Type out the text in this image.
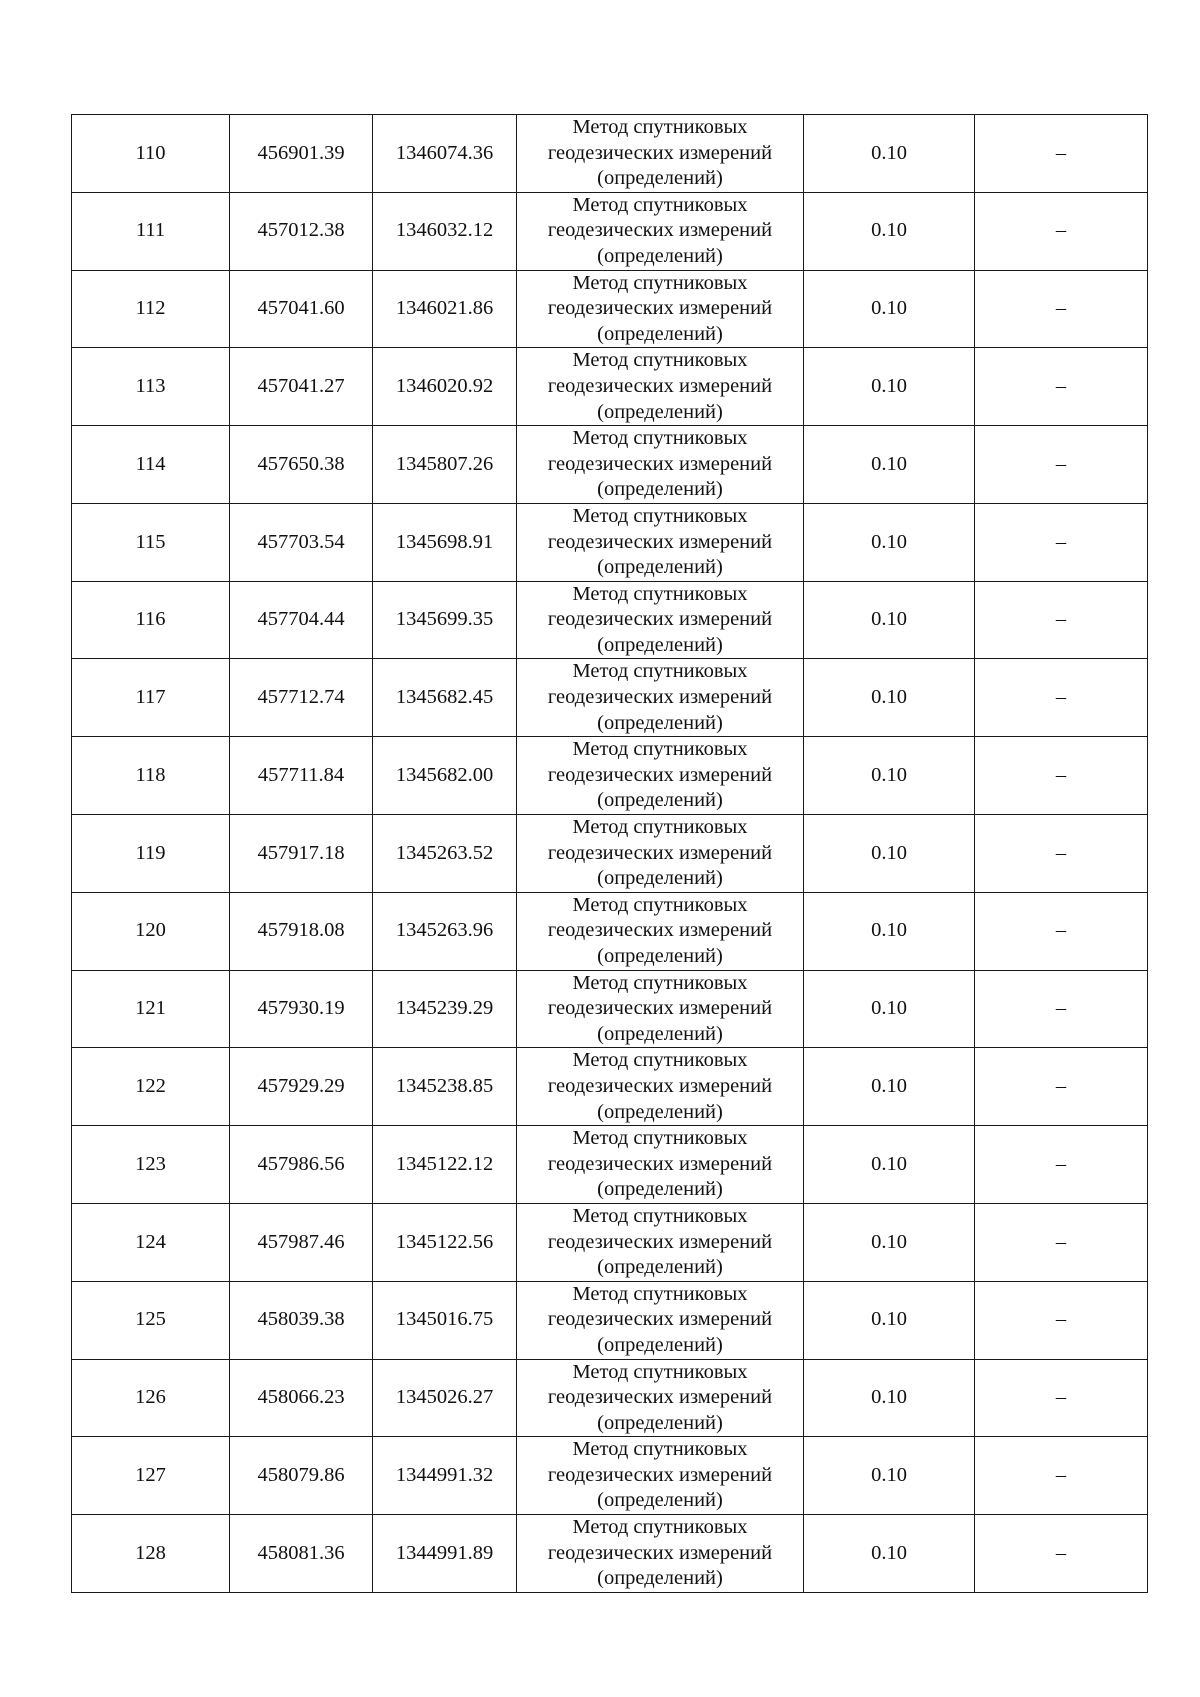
110	456901.39	1346074.36	Метод спутниковых
геодезических измерений
(определений)	0.10	–
111	457012.38	1346032.12	Метод спутниковых
геодезических измерений
(определений)	0.10	–
112	457041.60	1346021.86	Метод спутниковых
геодезических измерений
(определений)	0.10	–
113	457041.27	1346020.92	Метод спутниковых
геодезических измерений
(определений)	0.10	–
114	457650.38	1345807.26	Метод спутниковых
геодезических измерений
(определений)	0.10	–
115	457703.54	1345698.91	Метод спутниковых
геодезических измерений
(определений)	0.10	–
116	457704.44	1345699.35	Метод спутниковых
геодезических измерений
(определений)	0.10	–
117	457712.74	1345682.45	Метод спутниковых
геодезических измерений
(определений)	0.10	–
118	457711.84	1345682.00	Метод спутниковых
геодезических измерений
(определений)	0.10	–
119	457917.18	1345263.52	Метод спутниковых
геодезических измерений
(определений)	0.10	–
120	457918.08	1345263.96	Метод спутниковых
геодезических измерений
(определений)	0.10	–
121	457930.19	1345239.29	Метод спутниковых
геодезических измерений
(определений)	0.10	–
122	457929.29	1345238.85	Метод спутниковых
геодезических измерений
(определений)	0.10	–
123	457986.56	1345122.12	Метод спутниковых
геодезических измерений
(определений)	0.10	–
124	457987.46	1345122.56	Метод спутниковых
геодезических измерений
(определений)	0.10	–
125	458039.38	1345016.75	Метод спутниковых
геодезических измерений
(определений)	0.10	–
126	458066.23	1345026.27	Метод спутниковых
геодезических измерений
(определений)	0.10	–
127	458079.86	1344991.32	Метод спутниковых
геодезических измерений
(определений)	0.10	–
128	458081.36	1344991.89	Метод спутниковых
геодезических измерений
(определений)	0.10	–
